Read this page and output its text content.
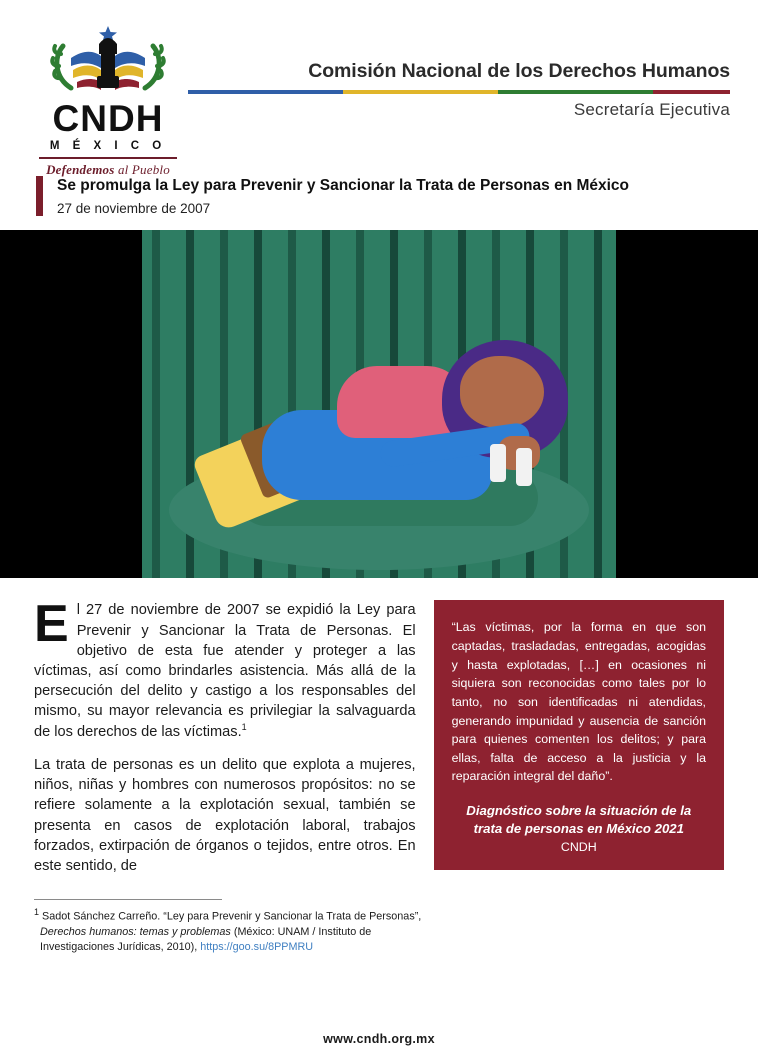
CNDH
M É X I C O
Defendemos al Pueblo
Comisión Nacional de los Derechos Humanos
Secretaría Ejecutiva
Se promulga la Ley para Prevenir y Sancionar la Trata de Personas en México
27 de noviembre de 2007

El 27 de noviembre de 2007 se expidió la Ley para Prevenir y Sancionar la Trata de Personas. El objetivo de esta fue atender y proteger a las víctimas, así como brindarles asistencia. Más allá de la persecución del delito y castigo a los responsables del mismo, su mayor relevancia es privilegiar la salvaguarda de los derechos de las víctimas.$^1$

La trata de personas es un delito que explota a mujeres, niños, niñas y hombres con numerosos propósitos: no se refiere solamente a la explotación sexual, también se presenta en casos de explotación laboral, trabajos forzados, extirpación de órganos o tejidos, entre otros. En este sentido, de

“Las víctimas, por la forma en que son captadas, trasladadas, entregadas, acogidas y hasta explotadas, […] en ocasiones ni siquiera son reconocidas como tales por lo tanto, no son identificadas ni atendidas, generando impunidad y ausencia de sanción para quienes comenten los delitos; y para ellas, falta de acceso a la justicia y la reparación integral del daño”.
Diagnóstico sobre la situación de la trata de personas en México 2021
CNDH

$^1$ Sadot Sánchez Carreño. “Ley para Prevenir y Sancionar la Trata de Personas”, Derechos humanos: temas y problemas (México: UNAM / Instituto de Investigaciones Jurídicas, 2010), https://goo.su/8PPMRU

www.cndh.org.mx
